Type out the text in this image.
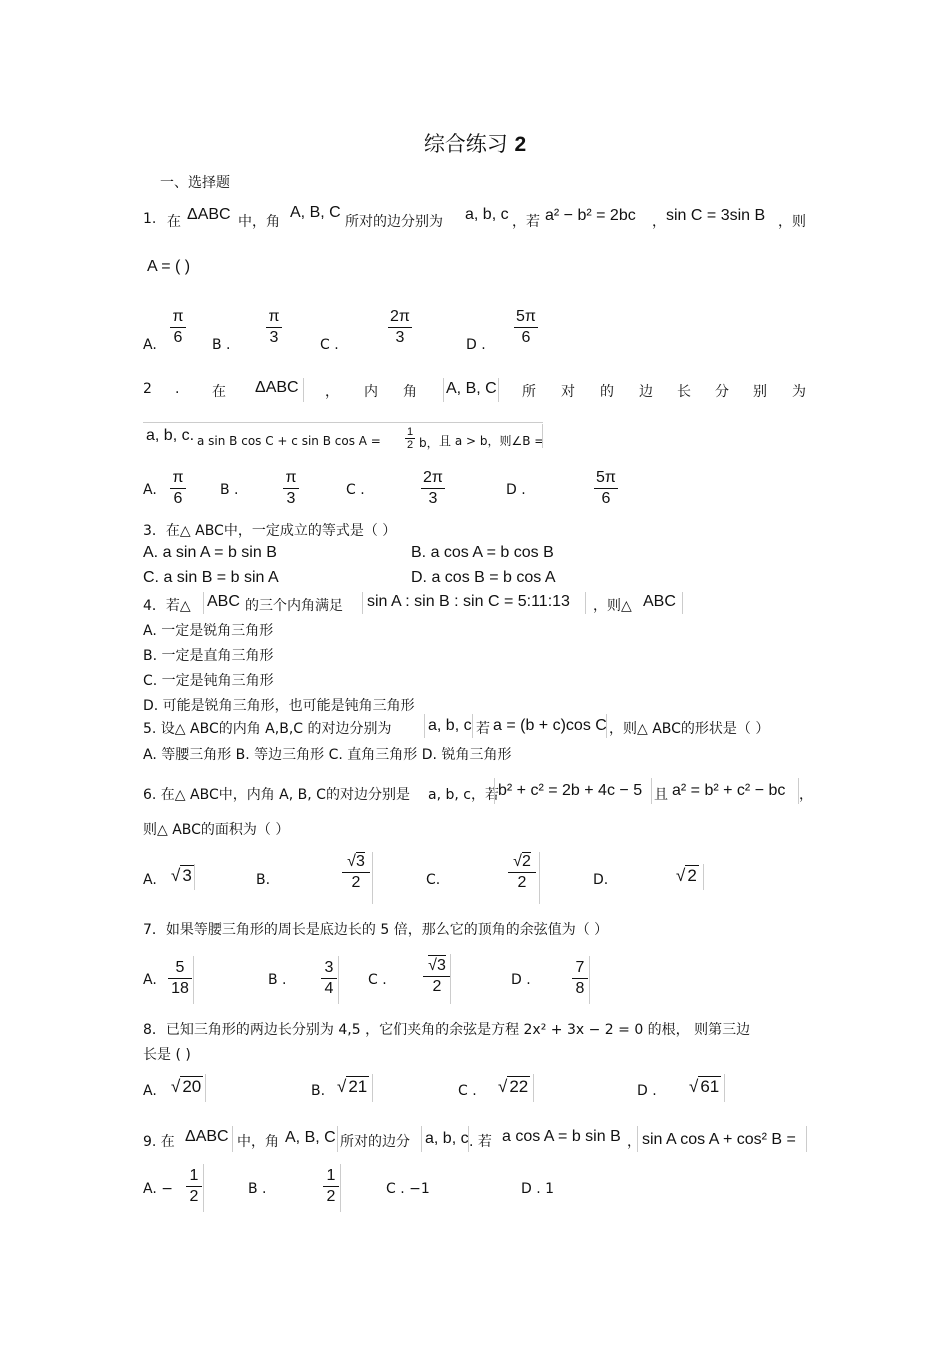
综合练习 2
一、选择题
1. 在 ΔABC 中，角
A, B, C
所对的边分别为 a, b, c ，若 a² − b² = 2bc ， sin C = 3sin B ，则
A = ( )
A.
π
6 B .
π
3	C .
2π
3	D .
5π
6
2 . 在 ΔABC ， 内 角 A, B, C 所 对 的 边 长 分 别 为
a, b, c. a sin B cos C + c sin B cos A =
1
2 b， 且 a > b，则∠B =
A.
π
6	B .
π
3	C .
2π
3	D .
5π
6
3．在△ ABC中，一定成立的等式是（ ）
A. a sin A = b sin B	B. a cos A = b cos B
C. a sin B = b sin A	D. a cos B = b cos A
4．若△ ABC 的三个内角满足 sin A : sin B : sin C = 5:11:13 ，则△ ABC
A. 一定是锐角三角形
B. 一定是直角三角形
C. 一定是钝角三角形
D. 可能是锐角三角形，也可能是钝角三角形
5. 设△ ABC的内角 A,B,C 的对边分别为 a, b, c 若 a = (b + c)cos C ，则△ ABC的形状是（ ）
A. 等腰三角形 B. 等边三角形 C. 直角三角形 D. 锐角三角形
6. 在△ ABC中，内角 A, B, C的对边分别是 a, b, c，若 b² + c² = 2b + 4c − 5 且 a² = b² + c² − bc ，
则△ ABC的面积为（ ）
A. √ 3	B.
√3
2	C.
√2
2	D.	√ 2
7．如果等腰三角形的周长是底边长的 5 倍，那么它的顶角的余弦值为（ ）
A.
5
18	B .
3
4 C .
√3
2	D .
7
8
8．已知三角形的两边长分别为 4,5 ，它们夹角的余弦是方程 2x² + 3x − 2 = 0 的根， 则第三边
长是 ( )
A. √ 20	B. √ 21	C . √ 22	D . √ 61
9. 在 ΔABC 中，角 A, B, C 所对的边分 a, b, c . 若 a cos A = b sin B ， sin A cos A + cos² B =
A. −
1
2	B .
1
2	C . −1	D . 1
